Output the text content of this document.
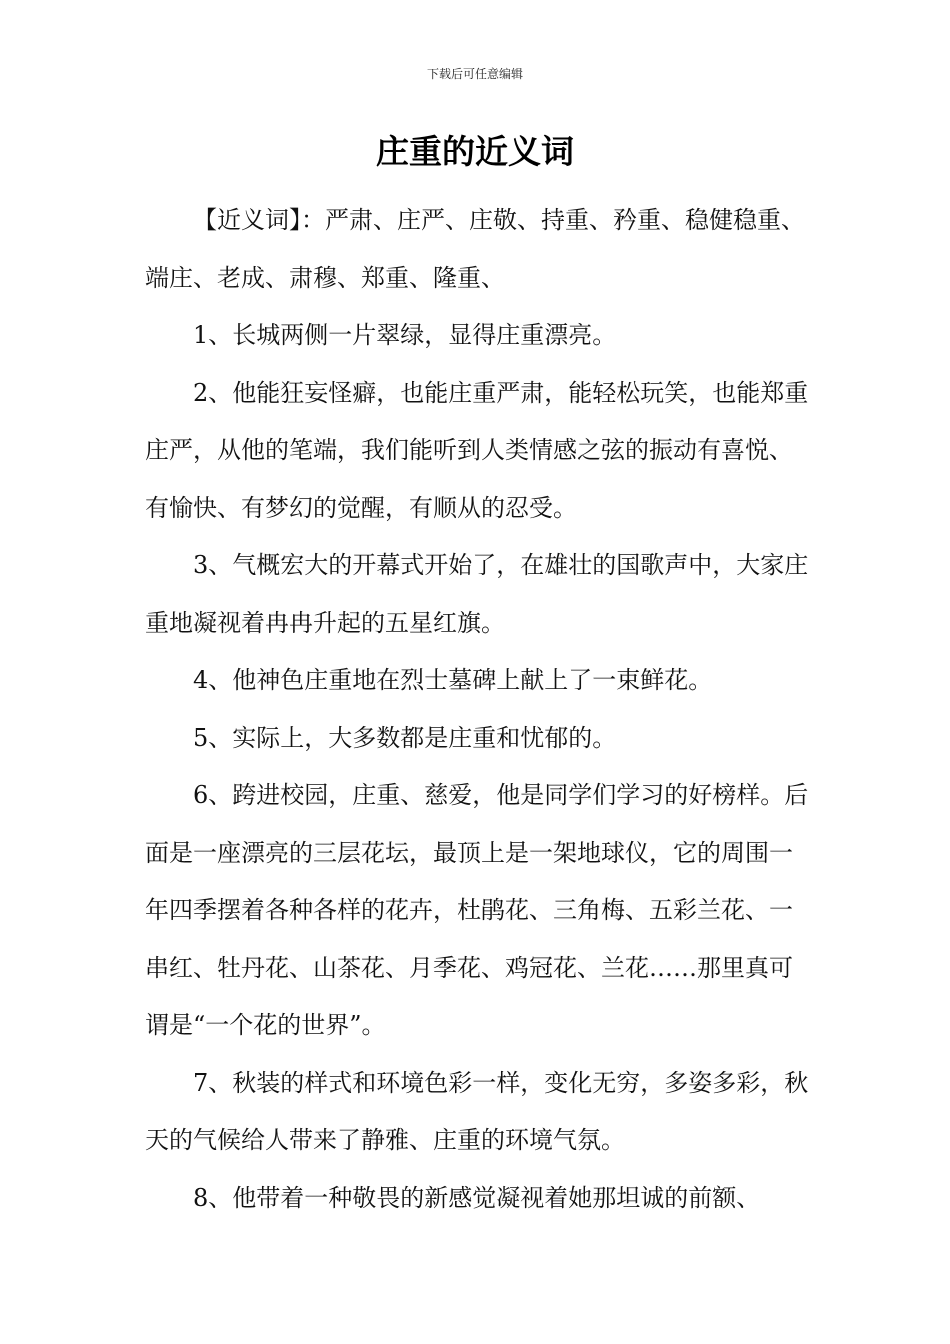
下载后可任意编辑
庄重的近义词

【近义词】：严肃、庄严、庄敬、持重、矜重、稳健稳重、端庄、老成、肃穆、郑重、隆重、

1、长城两侧一片翠绿，显得庄重漂亮。

2、他能狂妄怪癖，也能庄重严肃，能轻松玩笑，也能郑重庄严，从他的笔端，我们能听到人类情感之弦的振动有喜悦、有愉快、有梦幻的觉醒，有顺从的忍受。

3、气概宏大的开幕式开始了，在雄壮的国歌声中，大家庄重地凝视着冉冉升起的五星红旗。

4、他神色庄重地在烈士墓碑上献上了一束鲜花。

5、实际上，大多数都是庄重和忧郁的。

6、跨进校园，庄重、慈爱，他是同学们学习的好榜样。后面是一座漂亮的三层花坛，最顶上是一架地球仪，它的周围一年四季摆着各种各样的花卉，杜鹃花、三角梅、五彩兰花、一串红、牡丹花、山茶花、月季花、鸡冠花、兰花……那里真可谓是“一个花的世界”。

7、秋装的样式和环境色彩一样，变化无穷，多姿多彩，秋天的气候给人带来了静雅、庄重的环境气氛。

8、他带着一种敬畏的新感觉凝视着她那坦诚的前额、
